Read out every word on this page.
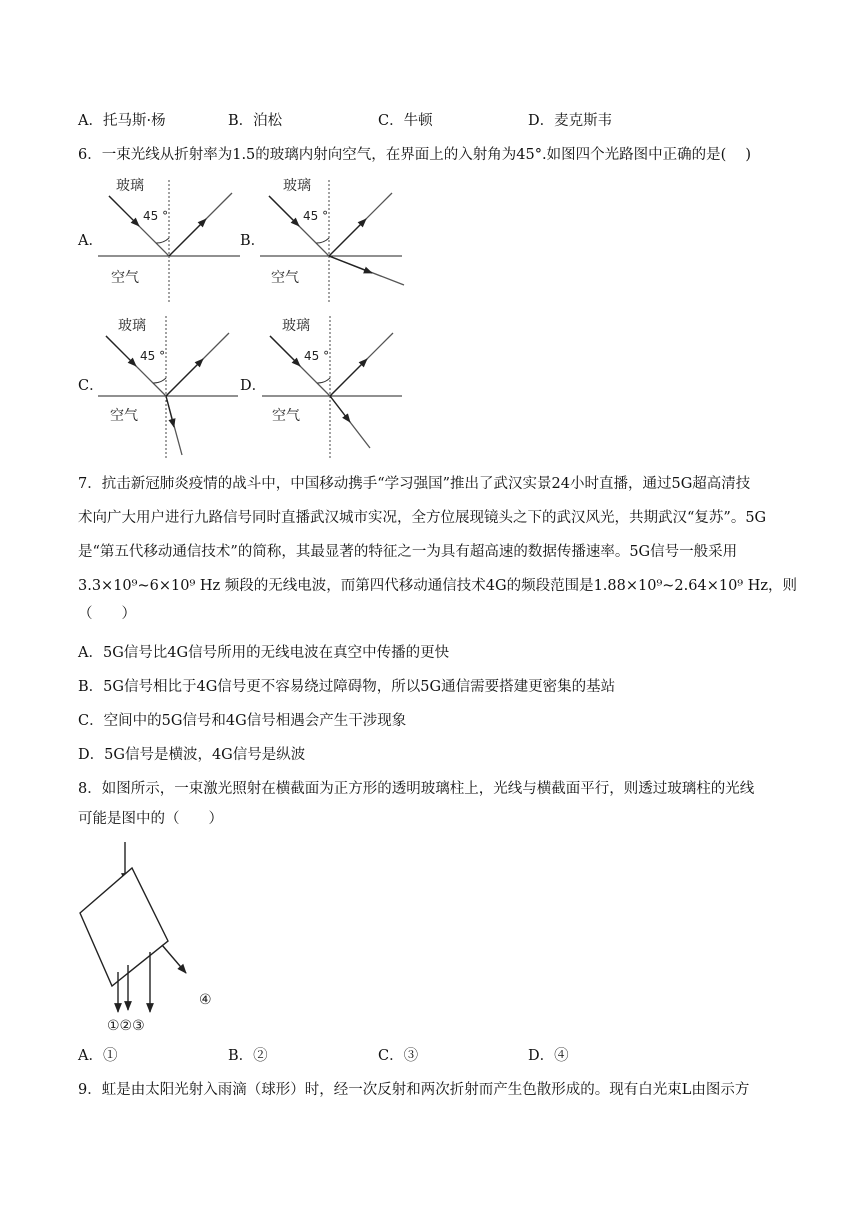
A．托马斯·杨	B．泊松	C．牛顿	D．麦克斯韦
6．一束光线从折射率为1.5的玻璃内射向空气，在界面上的入射角为45°.如图四个光路图中正确的是(　 )
A．	B．
C．	D．
玻璃
45 °
空气
玻璃
45 °
空气
玻璃
45 °
空气
玻璃
45 °
空气
①②③
④
7．抗击新冠肺炎疫情的战斗中，中国移动携手“学习强国”推出了武汉实景24小时直播，通过5G超高清技
术向广大用户进行九路信号同时直播武汉城市实况，全方位展现镜头之下的武汉风光，共期武汉“复苏”。5G
是“第五代移动通信技术”的简称，其最显著的特征之一为具有超高速的数据传播速率。5G信号一般采用
3.3×10⁹~6×10⁹ Hz 频段的无线电波，而第四代移动通信技术4G的频段范围是1.88×10⁹~2.64×10⁹ Hz，则
（　　）
A．5G信号比4G信号所用的无线电波在真空中传播的更快
B．5G信号相比于4G信号更不容易绕过障碍物，所以5G通信需要搭建更密集的基站
C．空间中的5G信号和4G信号相遇会产生干涉现象
D．5G信号是横波，4G信号是纵波
8．如图所示，一束激光照射在横截面为正方形的透明玻璃柱上，光线与横截面平行，则透过玻璃柱的光线
可能是图中的（　　）
A．①	B．②	C．③	D．④
9．虹是由太阳光射入雨滴（球形）时，经一次反射和两次折射而产生色散形成的。现有白光束L由图示方
